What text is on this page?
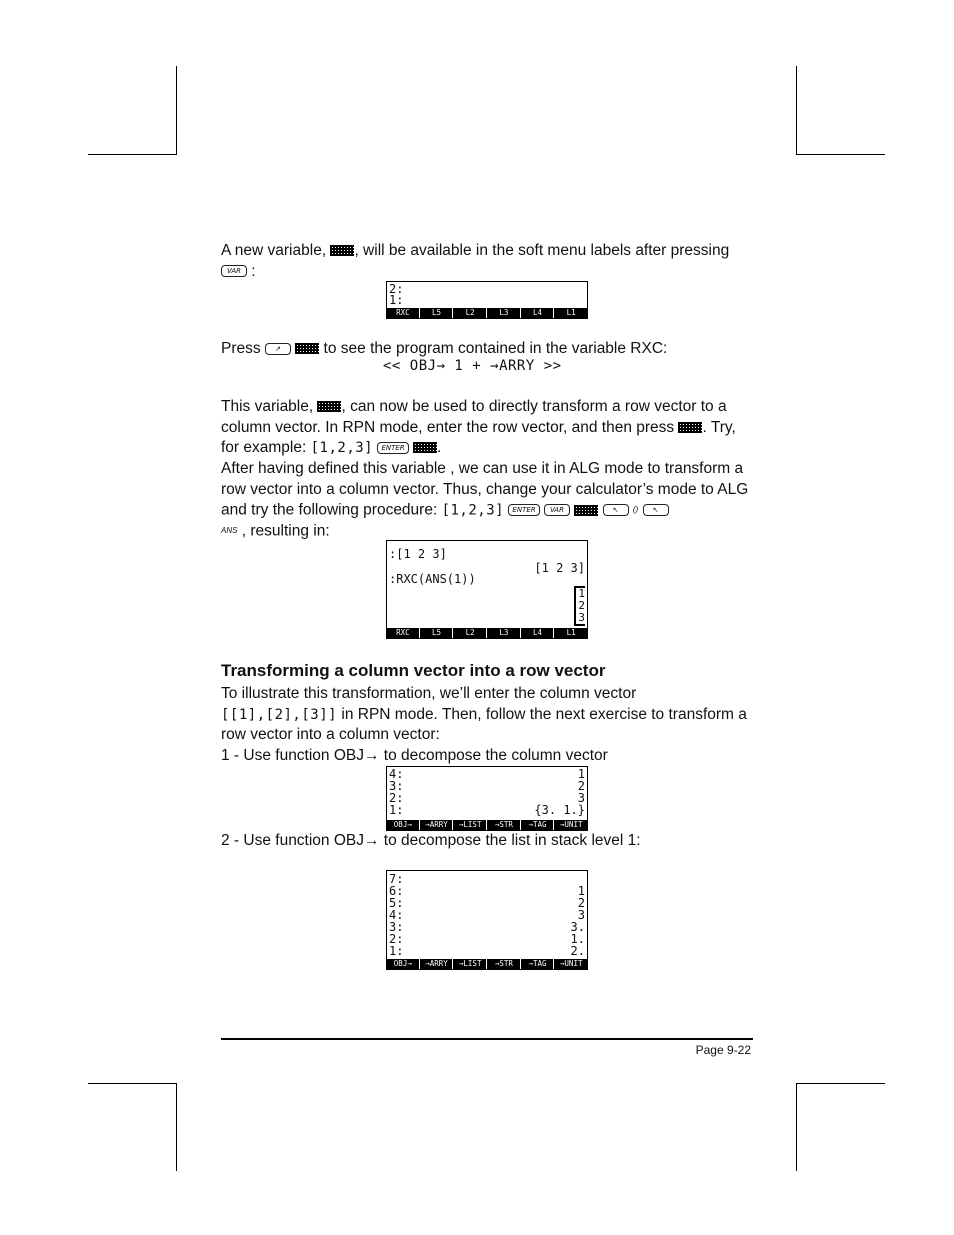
A new variable, , will be available in the soft menu labels after pressing
VAR :
2:
1:
RXC	L5	L2	L3	L4	L1
Press ↗  to see the program contained in the variable RXC:
<< OBJ→ 1 + →ARRY >>
This variable, , can now be used to directly transform a row vector to a column vector. In RPN mode, enter the row vector, and then press . Try, for example: [1,2,3] ENTER .
After having defined this variable , we can use it in ALG mode to transform a row vector into a column vector. Thus, change your calculator’s mode to ALG and try the following procedure: [1,2,3] ENTER VAR	↖ () ↖
ANS , resulting in:
:[1 2 3]
[1 2 3]
:RXC(ANS(1))
1
2
3
RXC	L5	L2	L3	L4	L1
Transforming a column vector into a row vector
To illustrate this transformation, we’ll enter the column vector
[[1],[2],[3]] in RPN mode. Then, follow the next exercise to transform a row vector into a column vector:
1 - Use function OBJ→ to decompose the column vector
4:	1
3:	2
2:	3
1:	{3. 1.}
OBJ→	→ARRY	→LIST	→STR	→TAG	→UNIT
2 - Use function OBJ→ to decompose the list in stack level 1:
7:
6:	1
5:	2
4:	3
3:	3.
2:	1.
1:	2.
OBJ→	→ARRY	→LIST	→STR	→TAG	→UNIT
Page 9-22
